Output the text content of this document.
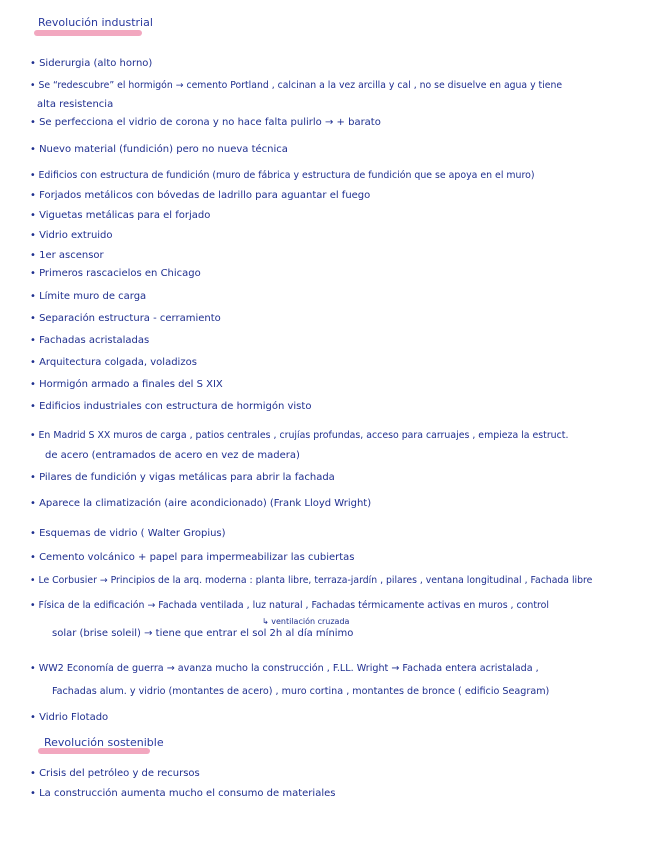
Revolución industrial
• Siderurgia (alto horno)
• Se “redescubre” el hormigón → cemento Portland , calcinan a la vez arcilla y cal , no se disuelve en agua y tiene
alta resistencia
• Se perfecciona el vidrio de corona y no hace falta pulirlo → + barato
• Nuevo material (fundición) pero no nueva técnica
• Edificios con estructura de fundición (muro de fábrica y estructura de fundición que se apoya en el muro)
• Forjados metálicos con bóvedas de ladrillo para aguantar el fuego
• Viguetas metálicas para el forjado
• Vidrio extruido
• 1er ascensor
• Primeros rascacielos en Chicago
• Límite muro de carga
• Separación estructura - cerramiento
• Fachadas acristaladas
• Arquitectura colgada, voladizos
• Hormigón armado a finales del S XIX
• Edificios industriales con estructura de hormigón visto
• En Madrid S XX muros de carga , patios centrales , crujías profundas, acceso para carruajes , empieza la estruct.
de acero (entramados de acero en vez de madera)
• Pilares de fundición y vigas metálicas para abrir la fachada
• Aparece la climatización (aire acondicionado) (Frank Lloyd Wright)
• Esquemas de vidrio ( Walter Gropius)
• Cemento volcánico + papel para impermeabilizar las cubiertas
• Le Corbusier → Principios de la arq. moderna : planta libre, terraza-jardín , pilares , ventana longitudinal , Fachada libre
• Física de la edificación → Fachada ventilada , luz natural , Fachadas térmicamente activas en muros , control
↳ ventilación cruzada
solar (brise soleil) → tiene que entrar el sol 2h al día mínimo
• WW2 Economía de guerra → avanza mucho la construcción , F.LL. Wright → Fachada entera acristalada ,
Fachadas alum. y vidrio (montantes de acero) , muro cortina , montantes de bronce ( edificio Seagram)
• Vidrio Flotado
Revolución sostenible
• Crisis del petróleo y de recursos
• La construcción aumenta mucho el consumo de materiales
